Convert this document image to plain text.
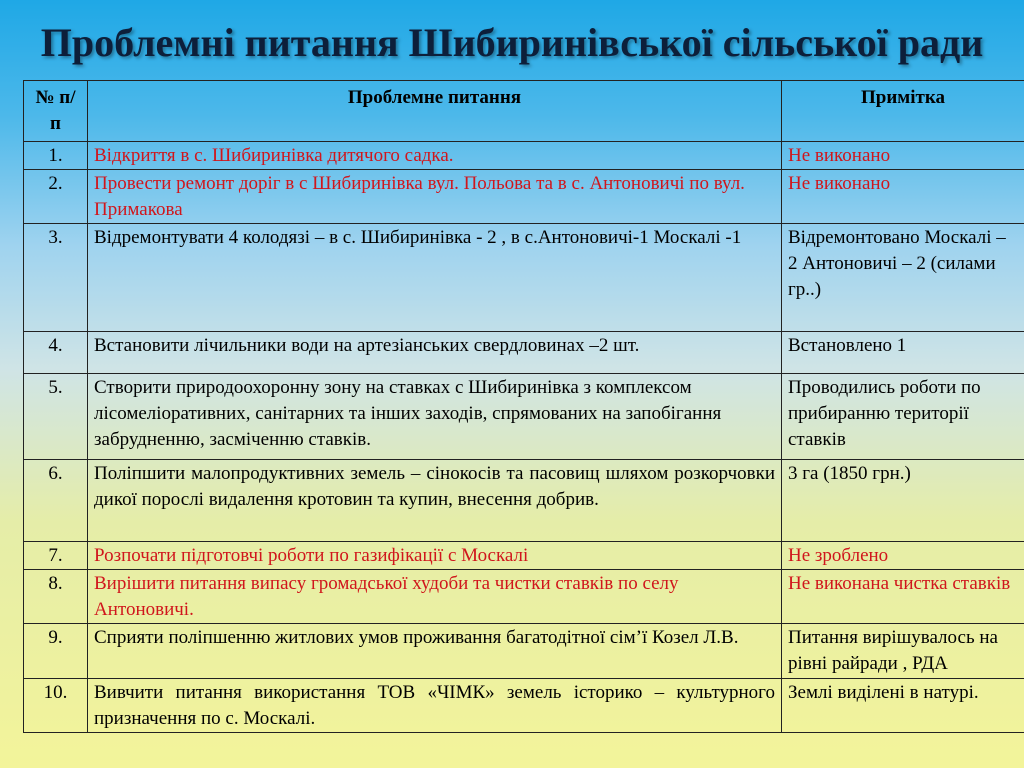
Проблемні питання Шибиринівської сільської ради
№ п/п	Проблемне питання	Примітка
1.	Відкриття в с. Шибиринівка дитячого садка.	Не виконано
2.	Провести ремонт доріг в с Шибиринівка вул. Польова та в с. Антоновичі по вул. Примакова	Не виконано
3.	Відремонтувати 4 колодязі – в с. Шибиринівка - 2 , в с.Антоновичі-1 Москалі -1	Відремонтовано Москалі – 2 Антоновичі – 2 (силами гр..)
4.	Встановити лічильники води на артезіанських свердловинах –2 шт.	Встановлено 1
5.	Створити природоохоронну зону на ставках с Шибиринівка з комплексом лісомеліоративних, санітарних та інших заходів, спрямованих на запобігання забрудненню, засміченню ставків.	Проводились роботи по прибиранню території ставків
6.	Поліпшити малопродуктивних земель – сінокосів та пасовищ шляхом розкорчовки дикої порослі видалення кротовин та купин, внесення добрив.	3 га (1850 грн.)
7.	Розпочати підготовчі роботи по газифікації с Москалі	Не зроблено
8.	Вирішити питання випасу громадської худоби та чистки ставків по селу Антоновичі.	Не виконана чистка ставків
9.	Сприяти поліпшенню житлових умов проживання багатодітної сім’ї Козел Л.В.	Питання вирішувалось на рівні райради , РДА
10.	Вивчити питання використання ТОВ «ЧІМК» земель історико – культурного призначення по с. Москалі.	Землі виділені в натурі.
